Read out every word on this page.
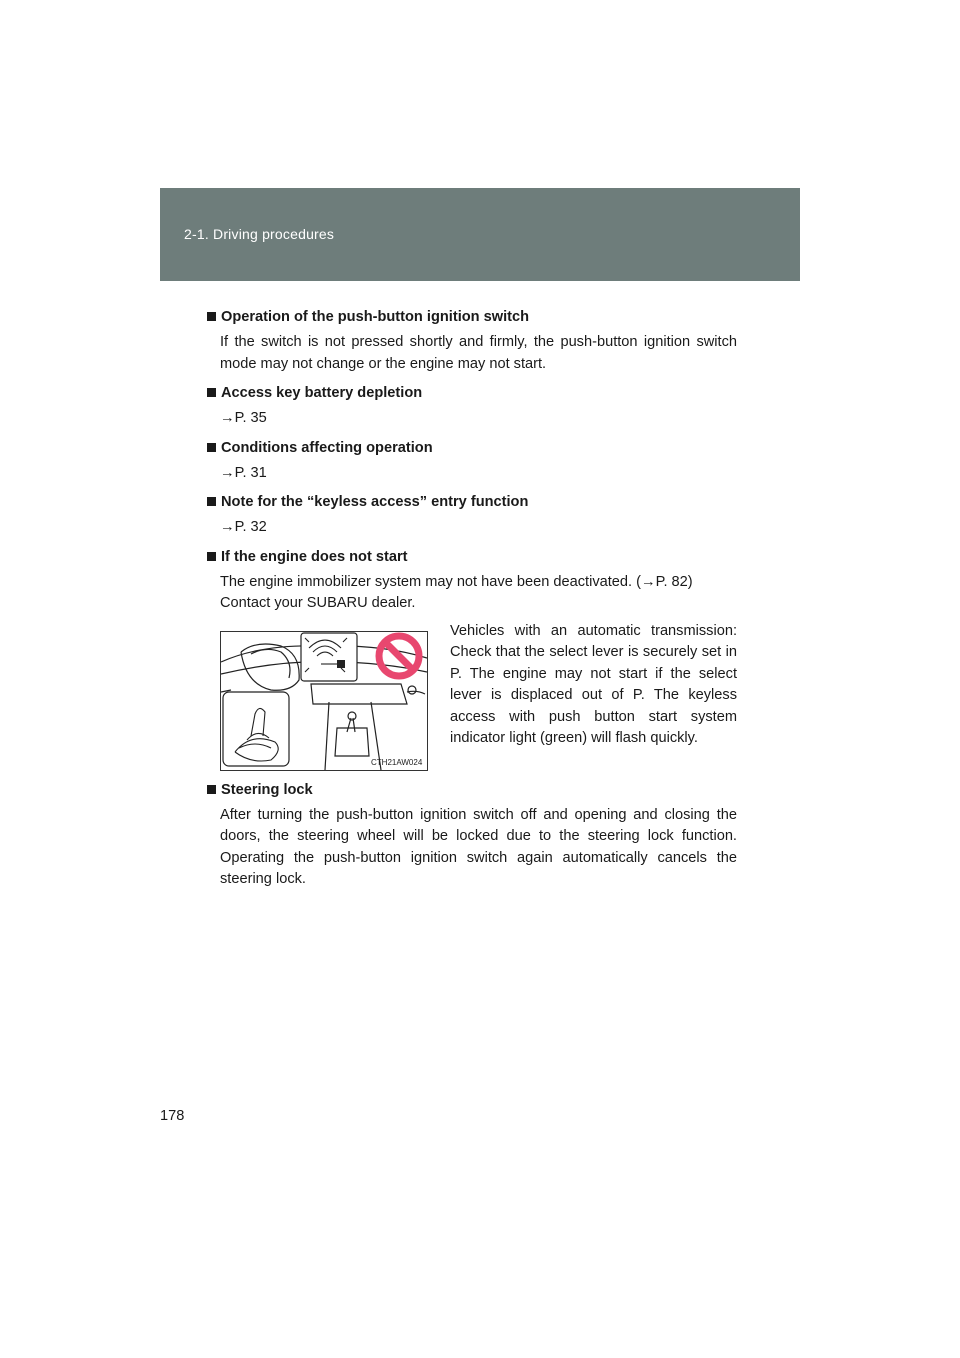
2-1. Driving procedures

Operation of the push-button ignition switch

If the switch is not pressed shortly and firmly, the push-button ignition switch mode may not change or the engine may not start.

Access key battery depletion

→P. 35

Conditions affecting operation

→P. 31

Note for the “keyless access” entry function

→P. 32

If the engine does not start

The engine immobilizer system may not have been deactivated. (→P. 82) Contact your SUBARU dealer.

CTH21AW024

Vehicles with an automatic transmission: Check that the select lever is securely set in P. The engine may not start if the select lever is displaced out of P. The keyless access with push button start system indicator light (green) will flash quickly.

Steering lock

After turning the push-button ignition switch off and opening and closing the doors, the steering wheel will be locked due to the steering lock function. Operating the push-button ignition switch again automatically cancels the steering lock.

178
